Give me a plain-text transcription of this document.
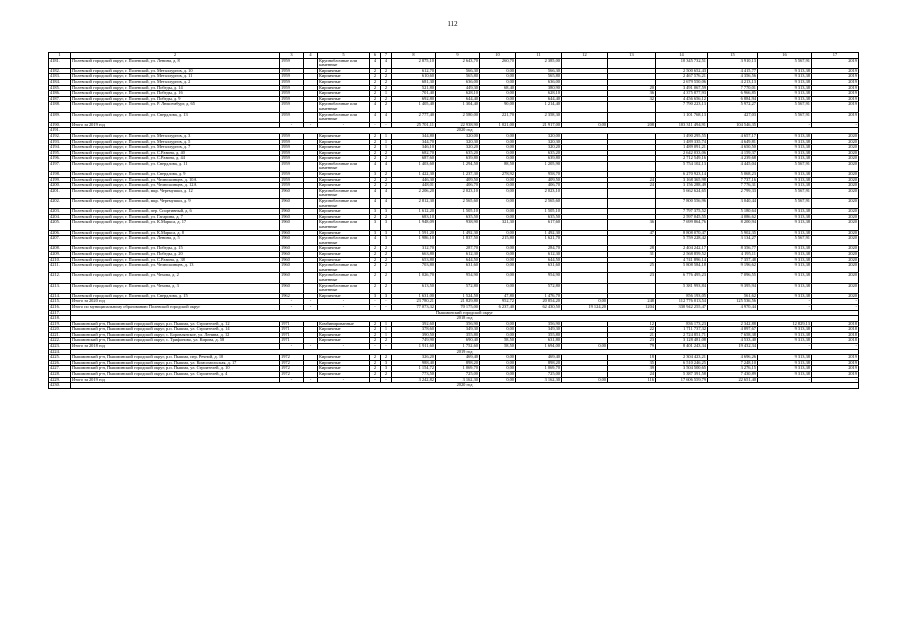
112
1	2	3	4	5	6	7	8	9	10	11	12	13	14	15	16	17
4181.	Полевской городской округ, г. Полевской, ул. Ленина, д. 8	1959		Крупноблочные или каменные	4	4	2 875,10	2 643,70	260,70	2 385,00			10 345 732,51	3 910,13	5 567,91	2019
4182.	Полевской городской округ, г. Полевской, ул. Металлургов, д. 10	1959		Кирпичные	2	2	612,70	566,30	0,00	566,30			2 500 652,43	4 415,77	9 313,38	2019
4183.	Полевской городской округ, г. Полевской, ул. Металлургов, д. 11	1959		Кирпичные	2	2	610,60	565,80	0,00	565,80			2 467 576,21	4 356,56	9 313,38	2019
4184.	Полевской городской округ, г. Полевской, ул. Металлургов, д. 2	1959		Кирпичные	2	2	681,30	636,00	0,00	636,00			2 679 550,06	4 213,13	9 313,38	2019
4185.	Полевской городской округ, г. Полевской, ул. Победы, д. 14	1959		Кирпичные	2	2	521,80	449,30	68,40	380,90		20	3 491 067,59	7 770,01	9 313,38	2019
4186.	Полевской городской округ, г. Полевской, ул. Победы, д. 16	1959		Кирпичные	2	1	701,40	628,10	0,00	628,10		36	4 375 877,93	6 966,85	9 313,38	2019
4187.	Полевской городской округ, г. Полевской, ул. Победы, д. 9	1959		Кирпичные	2	2	692,80	644,40	0,00	644,40		32	4 456 656,12	6 884,94	9 313,38	2019
4188.	Полевской городской округ, г. Полевской, ул. Р. Люксембург, д. 65	1959		Крупноблочные или каменные	4	2	1 405,40	1 304,40	90,00	1 214,40			7 790 223,13	5 972,27	5 567,91	2019
4189.	Полевской городской округ, г. Полевской, ул. Свердлова, д. 13	1959		Крупноблочные или каменные	4	4	2 777,40	2 580,00	221,70	2 358,30			1 101 768,13	427,03	5 567,91	2019
4190.	Итого за 2019 год	-	-	-	-	-	25 701,11	22 938,90	1 021,00	21 917,00	0,00	208	103 311 494,91	104 546,35	-	-
4191.	2020 год															
4192.	Полевской городской округ, г. Полевской, ул. Металлургов, д. 3	1959		Кирпичные	2	1	344,80	320,00	0,00	320,00			1 490 295,55	4 657,17	9 313,38	2020
4193.	Полевской городской округ, г. Полевской, ул. Металлургов, д. 5	1959		Кирпичные	2	1	344,70	320,30	0,00	320,30			1 489 335,74	4 649,81	9 313,38	2020
4194.	Полевской городской округ, г. Полевской, ул. Металлургов, д. 7	1959		Кирпичные	2	1	346,10	320,20	0,00	320,20			1 489 091,21	4 650,50	9 313,38	2020
4195.	Полевской городской округ, г. Полевской, ул. С.Разина, д. 40	1959		Кирпичные	2	2	682,70	635,20	0,00	635,20			2 642 033,06	4 159,37	9 313,38	2020
4196.	Полевской городской округ, г. Полевской, ул. С.Разина, д. 44	1959		Кирпичные	2	2	687,60	639,80	0,00	639,80			2 712 549,16	4 239,68	9 313,38	2020
4197.	Полевской городской округ, г. Полевской, ул. Свердлова, д. 11	1959		Крупноблочные или каменные	4	4	1 403,60	1 294,50	88,50	1 205,90			5 754 102,13	4 445,04	5 567,91	2020
4198.	Полевской городской округ, г. Полевской, ул. Свердлова, д. 9	1959		Кирпичные	3	2	1 422,30	1 237,30	278,92	958,70			6 270 923,14	5 068,23	9 313,38	2020
4199.	Полевской городской округ, г. Полевской, ул. Челюскинцев, д. 10А	1959		Кирпичные	2	2	446,30	409,50	0,00	409,50		24	3 168 365,98	7 737,16	9 313,38	2020
4200.	Полевской городской округ, г. Полевской, ул. Челюскинцев, д. 12А	1959		Кирпичные	2	2	448,01	406,70	0,00	406,70		24	3 156 288,49	7 776,31	9 313,38	2020
4201.	Полевской городской округ, г. Полевской, мкр. Черемушки, д. 12	1960		Крупноблочные или каменные	4	4	2 206,20	2 023,10	0,00	2 023,10			5 662 624,65	2 799,33	5 567,91	2020
4202.	Полевской городской округ, г. Полевской, мкр. Черемушки, д. 9	1960		Крупноблочные или каменные	4	4	2 812,30	2 565,60	0,00	2 565,60			7 800 556,96	3 040,44	5 567,91	2020
4203.	Полевской городской округ, г. Полевской, пер. Спортивный, д. 6	1960		Кирпичные	3	3	1 612,20	1 505,10	0,00	1 505,10			7 797 375,52	5 180,64	9 313,38	2020
4204.	Полевской городской округ, г. Полевской, ул. Гагарина, д. 7	1960		Кирпичные	2	2	683,10	635,50	0,00	635,50			2 597 045,55	4 086,62	9 313,38	2020
4205.	Полевской городской округ, г. Полевской, ул. К.Маркса, д. 17	1960		Крупноблочные или каменные	3	3	1 948,09	938,90	321,30	617,60		36	7 699 864,76	8 200,94	9 313,38	2020
4206.	Полевской городской округ, г. Полевской, ул. К.Маркса, д. 8	1960		Кирпичные	3	3	1 591,20	1 492,30	0,00	1 492,30		47	8 808 070,47	5 902,35	9 313,38	2020
4207.	Полевской городской округ, г. Полевской, ул. Ленина, д. 5	1960		Крупноблочные или каменные	4	3	1 986,10	1 837,50	215,80	1 621,70			5 759 228,42	3 134,27	5 567,91	2020
4208.	Полевской городской округ, г. Полевской, ул. Победы, д. 15	1960		Кирпичные	2	2	312,70	287,70	0,00	284,70		28	2 404 242,17	8 356,77	9 313,38	2020
4209.	Полевской городской округ, г. Полевской, ул. Победы, д. 20	1960		Кирпичные	2	2	663,80	612,30	0,00	612,30		31	2 568 859,52	4 195,11	9 313,38	2020
4210.	Полевской городской округ, г. Полевской, ул. С.Разина, д. 38	1960		Кирпичные	2	2	653,80	644,50	0,00	644,50			4 741 896,14	7 357,48	9 313,38	2020
4211.	Полевской городской округ, г. Полевской, ул. Челюскинцев, д. 13	1960		Крупноблочные или каменные	2	2	703,80	631,60	0,00	631,60		25	5 808 584,18	9 196,62	9 313,38	2020
4212.	Полевской городской округ, г. Полевской, ул. Чехова, д. 2	1960		Крупноблочные или каменные	2	2	1 026,70	954,90	0,00	954,90		23	6 776 495,23	7 096,55	9 313,38	2020
4213.	Полевской городской округ, г. Полевской, ул. Чехова, д. 3	1960		Крупноблочные или каменные	2	2	613,50	572,80	0,00	572,80			5 381 993,84	9 395,94	9 313,38	2020
4214.	Полевской городской округ, г. Полевской, ул. Свердлова, д. 15	1962		Кирпичные	3	3	1 631,00	1 524,50	47,80	1 476,70			856 193,05	561,62	9 313,38	2020
4215.	Итого за 2020 год	-	-	-	-	-	23 780,21	21 829,80	952,72	20 854,20	0,00	248	112 776 013,54	125 536,56	-	-
4216.	Итого по муниципальному образованию Полевской городской округ	-	-	-	-	-	77 073,32	70 175,00	6 237,40	62 430,50	19 124,20	1204	330 942 255,47	4 970,44	-	-
4217.	Пышминский городской округ															
4218.	2018 год															
4219.	Пышминский р-н, Пышминский городской округ, р.п. Пышма, ул. Строителей, д. 12	1971		Комбинированные	2	1	392,60	356,90	0,00	356,90		12	836 173,23	2 342,88	12 829,13	2018
4220.	Пышминский р-н, Пышминский городской округ, р.п. Пышма, ул. Строителей, д. 14	1971		Кирпичные	2	1	378,60	349,30	0,00	349,30		22	1 711 737,32	4 897,67	9 313,38	2018
4221.	Пышминский р-н, Пышминский городской округ, с. Боровлянское, ул. Ленина, д. 12	1971		Кирпичные	2	1	390,50	355,80	0,00	355,80		21	2 724 851,71	7 658,38	9 313,38	2018
4222.	Пышминский р-н, Пышминский городской округ, с. Трифоново, ул. Кирова, д. 58	1971		Кирпичные	2	2	749,90	690,40	58,50	631,80		23	3 128 481,08	4 533,40	9 313,38	2018
4223.	Итого за 2018 год	-	-	-	-	-	1 911,60	1 752,60	58,50	1 694,00	0,00	79	8 401 243,34	19 432,34	-	-
4224.	2019 год															
4225.	Пышминский р-н, Пышминский городской округ, р.п. Пышма, пер. Речной, д. 10	1972		Кирпичные	2	2	326,20	469,40	0,00	469,40		18	2 304 423,21	4 696,26	9 313,38	2019
4226.	Пышминский р-н, Пышминский городской округ, р.п. Пышма, ул. Комсомольская, д. 17	1972		Кирпичные	2	3	988,40	898,20	0,00	898,20		35	6 510 246,25	7 248,10	9 313,38	2019
4227.	Пышминский р-н, Пышминский городской округ, р.п. Пышма, ул. Строителей, д. 10	1972		Кирпичные	2	3	1 154,72	1 069,70	0,00	1 069,70		39	3 504 500,65	3 276,15	9 313,38	2019
4228.	Пышминский р-н, Пышминский городской округ, р.п. Пышма, ул. Строителей, д. 4	1972		Кирпичные	2	2	773,50	725,00	0,00	725,00		24	5 387 391,58	7 430,89	9 313,38	2019
4229.	Итого за 2019 год	-	-	-	-	-	3 242,82	3 162,30	0,00	3 162,30	0,00	116	17 606 559,79	22 651,40	-	-
4230.	2020 год															
